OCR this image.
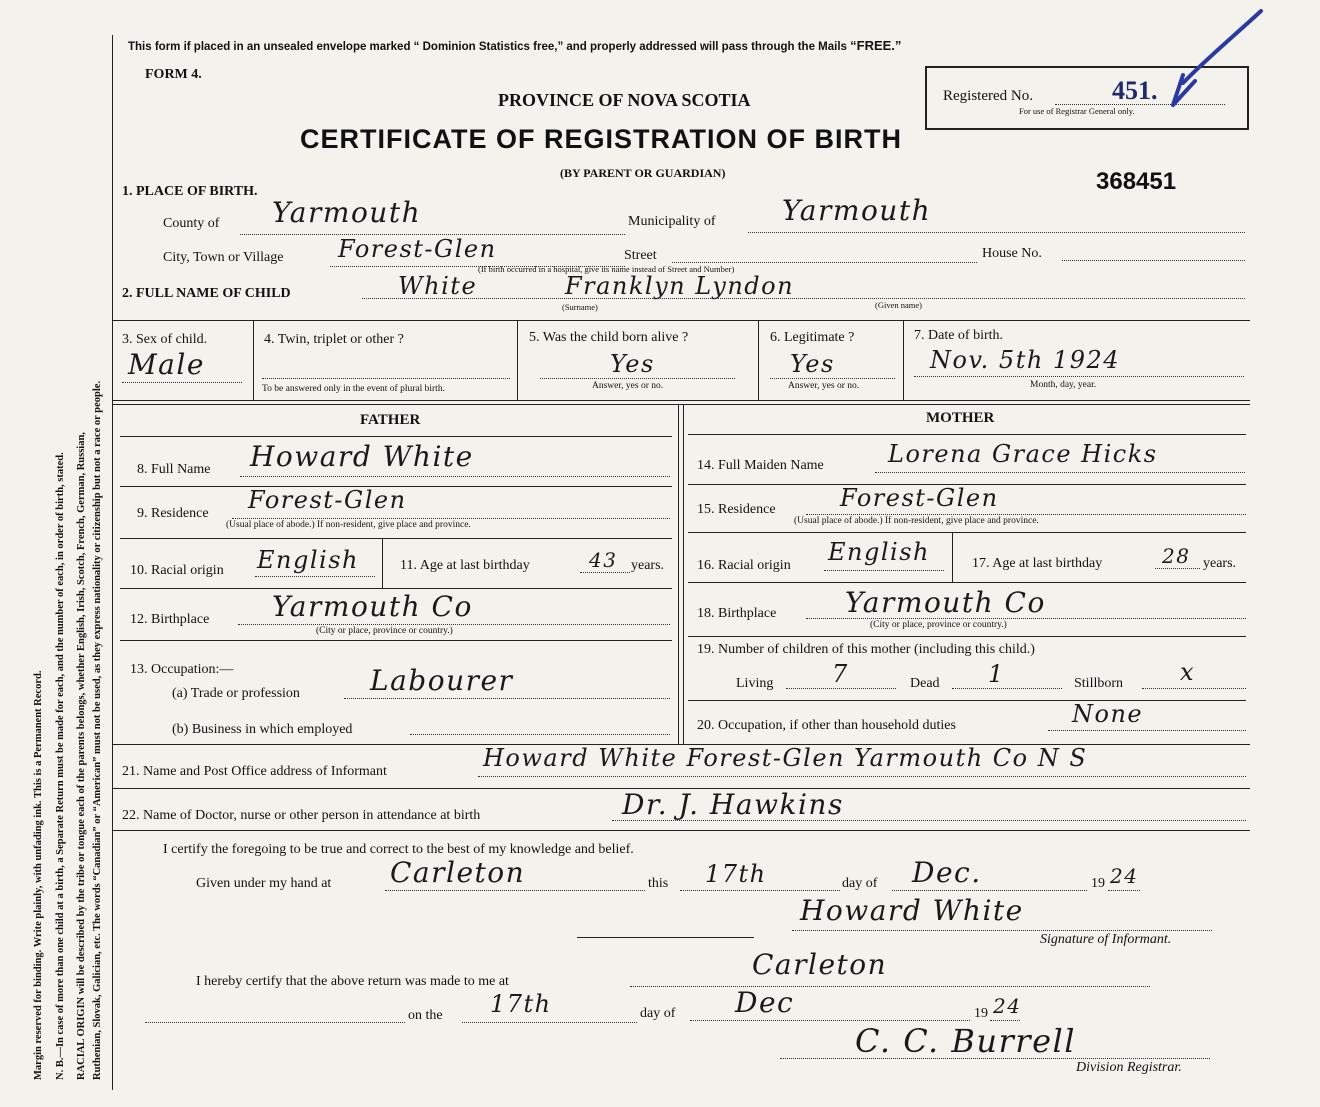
Margin reserved for binding. Write plainly, with unfading ink. This is a Permanent Record. N. B.—In case of more than one child at a birth, a Separate Return must be made for each, and the number of each, in order of birth, stated. RACIAL ORIGIN will be described by the tribe or tongue each of the parents belongs, whether English, Irish, Scotch, French, German, Russian, Ruthenian, Slovak, Galician, etc. The words “Canadian” or “American” must not be used, as they express nationality or citizenship but not a race or people.
This form if placed in an unsealed envelope marked “ Dominion Statistics free,” and properly addressed will pass through the Mails “FREE.”
FORM 4.
PROVINCE OF NOVA SCOTIA
CERTIFICATE OF REGISTRATION OF BIRTH
(BY PARENT OR GUARDIAN)
Registered No.	451.
For use of Registrar General only.
368451
1. PLACE OF BIRTH.
County of Yarmouth	Municipality of Yarmouth
City, Town or Village Forest-Glen	Street	House No.
(If birth occurred in a hospital, give its name instead of Street and Number)
2. FULL NAME OF CHILD	White	Franklyn Lyndon
(Surname)	(Given name)
3. Sex of child.
Male
4. Twin, triplet or other ?
To be answered only in the event of plural birth.
5. Was the child born alive ?
Yes
Answer, yes or no.
6. Legitimate ?
Yes
Answer, yes or no.
7. Date of birth.
Nov. 5th 1924
Month, day, year.
FATHER	MOTHER
8. Full Name Howard White
9. Residence Forest-Glen
(Usual place of abode.) If non-resident, give place and province.
10. Racial origin English	11. Age at last birthday	43 years.
12. Birthplace Yarmouth Co
(City or place, province or country.)
13. Occupation:—
(a) Trade or profession	Labourer
(b) Business in which employed
14. Full Maiden Name	Lorena Grace Hicks
15. Residence	Forest-Glen
(Usual place of abode.) If non-resident, give place and province.
16. Racial origin English	17. Age at last birthday	28 years.
18. Birthplace Yarmouth Co
(City or place, province or country.)
19. Number of children of this mother (including this child.)
Living 7	Dead 1	Stillborn x
20. Occupation, if other than household duties	None
21. Name and Post Office address of Informant	Howard White Forest-Glen Yarmouth Co N S
22. Name of Doctor, nurse or other person in attendance at birth	Dr. J. Hawkins
I certify the foregoing to be true and correct to the best of my knowledge and belief.
Given under my hand at Carleton	this 17th	day of Dec.	19 24
Howard White
Signature of Informant.
I hereby certify that the above return was made to me at
Carleton
on the 17th	day of Dec	19 24
C. C. Burrell
Division Registrar.
